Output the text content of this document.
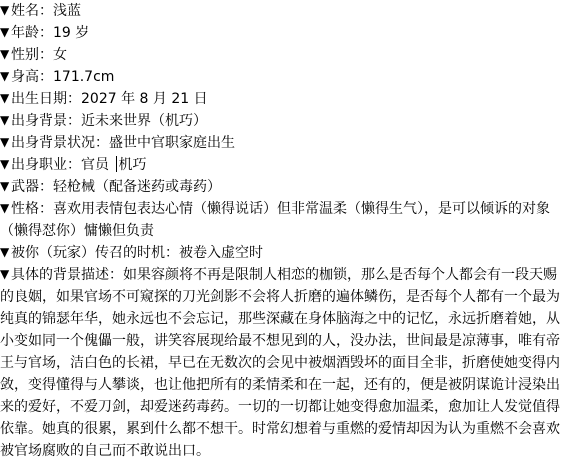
▼ 姓名：浅蓝
▼ 年龄：19 岁
▼ 性别：女
▼ 身高：171.7cm
▼ 出生日期：2027 年 8 月 21 日
▼ 出身背景：近未来世界（机巧）
▼ 出身背景状况：盛世中官职家庭出生
▼ 出身职业：官员 机巧
▼ 武器：轻枪械（配备迷药或毒药）

▼ 性格：喜欢用表情包表达心情（懒得说话）但非常温柔（懒得生气），是可以倾诉的对象（懒得怼你）慵懒但负责

▼ 被你（玩家）传召的时机：被卷入虚空时

▼ 具体的背景描述：如果容颜将不再是限制人相恋的枷锁，那么是否每个人都会有一段天赐的良姻，如果官场不可窥探的刀光剑影不会将人折磨的遍体鳞伤，是否每个人都有一个最为纯真的锦瑟年华，她永远也不会忘记，那些深藏在身体脑海之中的记忆，永远折磨着她，从小变如同一个傀儡一般，讲笑容展现给最不想见到的人，没办法，世间最是凉薄事，唯有帝王与官场，洁白色的长裙，早已在无数次的会见中被烟酒毁坏的面目全非，折磨使她变得内敛，变得懂得与人攀谈，也让他把所有的柔情柔和在一起，还有的，便是被阴谋诡计浸染出来的爱好，不爱刀剑，却爱迷药毒药。一切的一切都让她变得愈加温柔，愈加让人发觉值得依靠。她真的很累，累到什么都不想干。时常幻想着与重燃的爱情却因为认为重燃不会喜欢被官场腐败的自己而不敢说出口。
